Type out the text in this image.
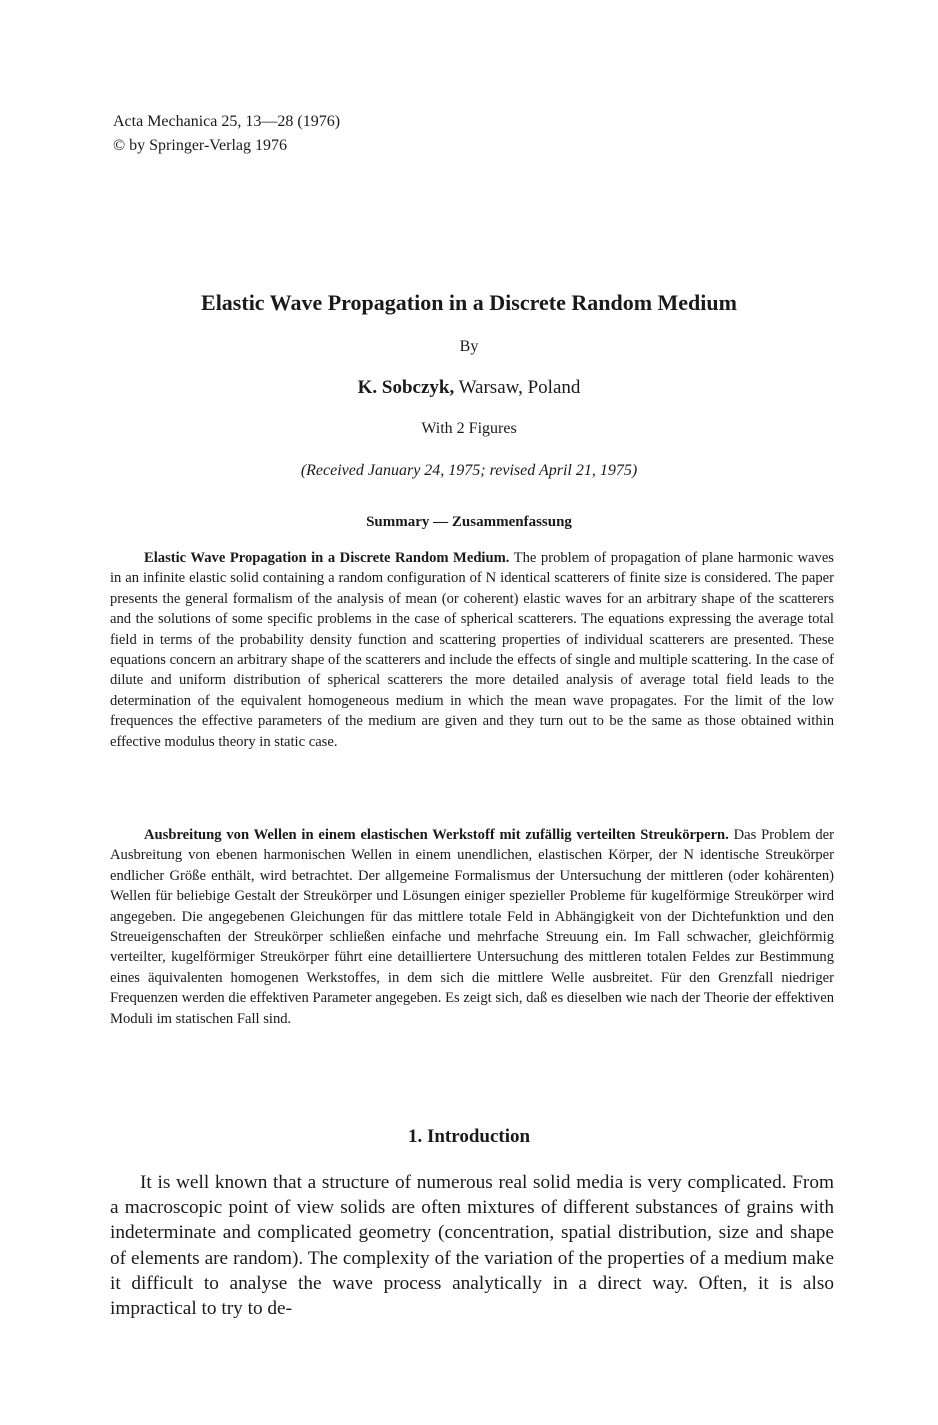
Acta Mechanica 25, 13—28 (1976)
© by Springer-Verlag 1976
Elastic Wave Propagation in a Discrete Random Medium
By
K. Sobczyk, Warsaw, Poland
With 2 Figures
(Received January 24, 1975; revised April 21, 1975)
Summary — Zusammenfassung

Elastic Wave Propagation in a Discrete Random Medium. The problem of propagation of plane harmonic waves in an infinite elastic solid containing a random configuration of N identical scatterers of finite size is considered. The paper presents the general formalism of the analysis of mean (or coherent) elastic waves for an arbitrary shape of the scatterers and the solutions of some specific problems in the case of spherical scatterers. The equations expressing the average total field in terms of the probability density function and scattering properties of individual scatterers are presented. These equations concern an arbitrary shape of the scatterers and include the effects of single and multiple scattering. In the case of dilute and uniform distribution of spherical scatterers the more detailed analysis of average total field leads to the determination of the equivalent homogeneous medium in which the mean wave propagates. For the limit of the low frequences the effective parameters of the medium are given and they turn out to be the same as those obtained within effective modulus theory in static case.

Ausbreitung von Wellen in einem elastischen Werkstoff mit zufällig verteilten Streukörpern. Das Problem der Ausbreitung von ebenen harmonischen Wellen in einem unendlichen, elastischen Körper, der N identische Streukörper endlicher Größe enthält, wird betrachtet. Der allgemeine Formalismus der Untersuchung der mittleren (oder kohärenten) Wellen für beliebige Gestalt der Streukörper und Lösungen einiger spezieller Probleme für kugelförmige Streukörper wird angegeben. Die angegebenen Gleichungen für das mittlere totale Feld in Abhängigkeit von der Dichtefunktion und den Streueigenschaften der Streukörper schließen einfache und mehrfache Streuung ein. Im Fall schwacher, gleichförmig verteilter, kugelförmiger Streukörper führt eine detailliertere Untersuchung des mittleren totalen Feldes zur Bestimmung eines äquivalenten homogenen Werkstoffes, in dem sich die mittlere Welle ausbreitet. Für den Grenzfall niedriger Frequenzen werden die effektiven Parameter angegeben. Es zeigt sich, daß es dieselben wie nach der Theorie der effektiven Moduli im statischen Fall sind.

1. Introduction

It is well known that a structure of numerous real solid media is very complicated. From a macroscopic point of view solids are often mixtures of different substances of grains with indeterminate and complicated geometry (concentration, spatial distribution, size and shape of elements are random). The complexity of the variation of the properties of a medium make it difficult to analyse the wave process analytically in a direct way. Often, it is also impractical to try to de-
